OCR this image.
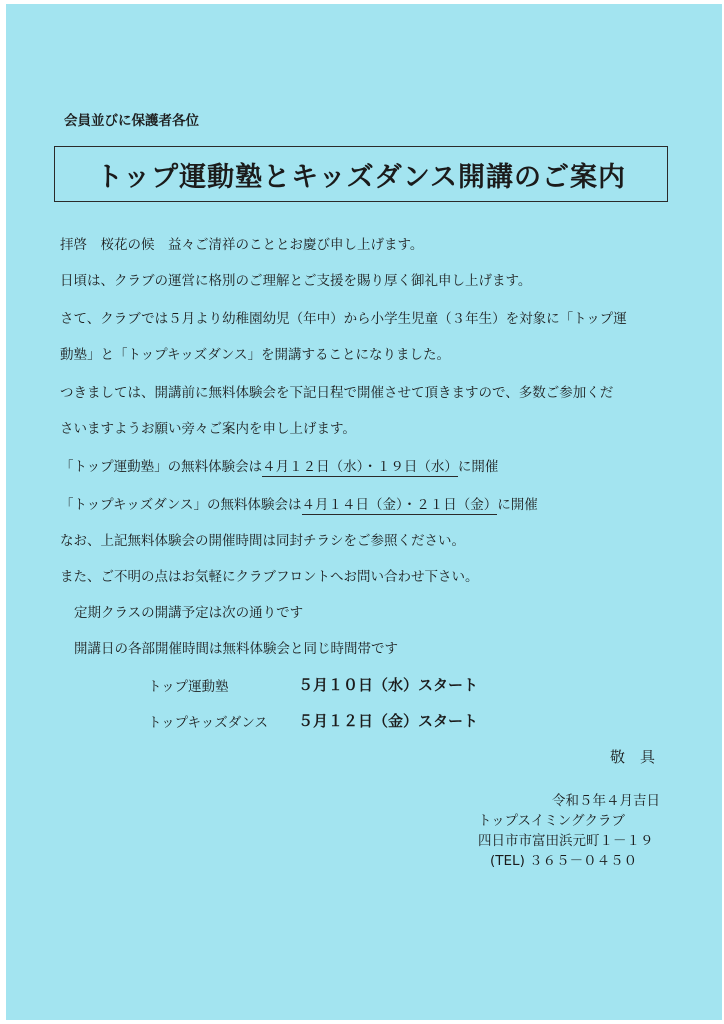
会員並びに保護者各位
トップ運動塾とキッズダンス開講のご案内
拝啓　桜花の候　益々ご清祥のこととお慶び申し上げます。
日頃は、クラブの運営に格別のご理解とご支援を賜り厚く御礼申し上げます。
さて、クラブでは５月より幼稚園幼児（年中）から小学生児童（３年生）を対象に「トップ運
動塾」と「トップキッズダンス」を開講することになりました。
つきましては、開講前に無料体験会を下記日程で開催させて頂きますので、多数ご参加くだ
さいますようお願い旁々ご案内を申し上げます。
「トップ運動塾」の無料体験会は４月１２日（水）・１９日（水）に開催
「トップキッズダンス」の無料体験会は４月１４日（金）・２１日（金）に開催
なお、上記無料体験会の開催時間は同封チラシをご参照ください。
また、ご不明の点はお気軽にクラブフロントへお問い合わせ下さい。
定期クラスの開講予定は次の通りです
開講日の各部開催時間は無料体験会と同じ時間帯です
トップ運動塾	５月１０日（水）スタート
トップキッズダンス ５月１２日（金）スタート
敬　具
令和５年４月吉日
トップスイミングクラブ
四日市市富田浜元町１－１９
(TEL) ３６５－０４５０
